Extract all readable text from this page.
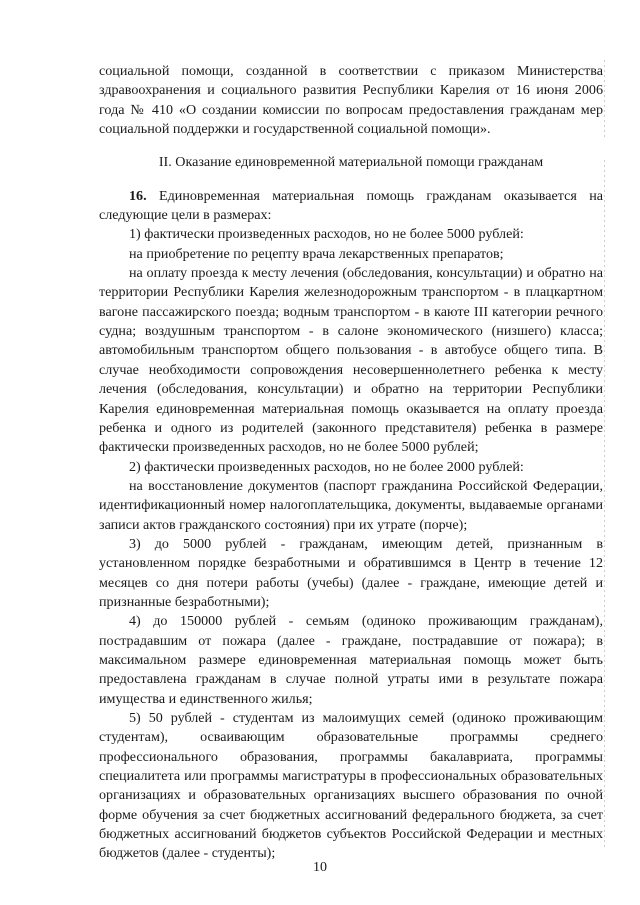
социальной помощи, созданной в соответствии с приказом Министерства здравоохранения и социального развития Республики Карелия от 16 июня 2006 года № 410 «О создании комиссии по вопросам предоставления гражданам мер социальной поддержки и государственной социальной помощи».

II. Оказание единовременной материальной помощи гражданам

16. Единовременная материальная помощь гражданам оказывается на следующие цели в размерах:

1) фактически произведенных расходов, но не более 5000 рублей:

на приобретение по рецепту врача лекарственных препаратов;

на оплату проезда к месту лечения (обследования, консультации) и обратно на территории Республики Карелия железнодорожным транспортом - в плацкартном вагоне пассажирского поезда; водным транспортом - в каюте III категории речного судна; воздушным транспортом - в салоне экономического (низшего) класса; автомобильным транспортом общего пользования - в автобусе общего типа. В случае необходимости сопровождения несовершеннолетнего ребенка к месту лечения (обследования, консультации) и обратно на территории Республики Карелия единовременная материальная помощь оказывается на оплату проезда ребенка и одного из родителей (законного представителя) ребенка в размере фактически произведенных расходов, но не более 5000 рублей;

2) фактически произведенных расходов, но не более 2000 рублей:

на восстановление документов (паспорт гражданина Российской Федерации, идентификационный номер налогоплательщика, документы, выдаваемые органами записи актов гражданского состояния) при их утрате (порче);

3) до 5000 рублей - гражданам, имеющим детей, признанным в установленном порядке безработными и обратившимся в Центр в течение 12 месяцев со дня потери работы (учебы) (далее - граждане, имеющие детей и признанные безработными);

4) до 150000 рублей - семьям (одиноко проживающим гражданам), пострадавшим от пожара (далее - граждане, пострадавшие от пожара); в максимальном размере единовременная материальная помощь может быть предоставлена гражданам в случае полной утраты ими в результате пожара имущества и единственного жилья;

5) 50 рублей - студентам из малоимущих семей (одиноко проживающим студентам), осваивающим образовательные программы среднего профессионального образования, программы бакалавриата, программы специалитета или программы магистратуры в профессиональных образовательных организациях и образовательных организациях высшего образования по очной форме обучения за счет бюджетных ассигнований федерального бюджета, за счет бюджетных ассигнований бюджетов субъектов Российской Федерации и местных бюджетов (далее - студенты);

10
